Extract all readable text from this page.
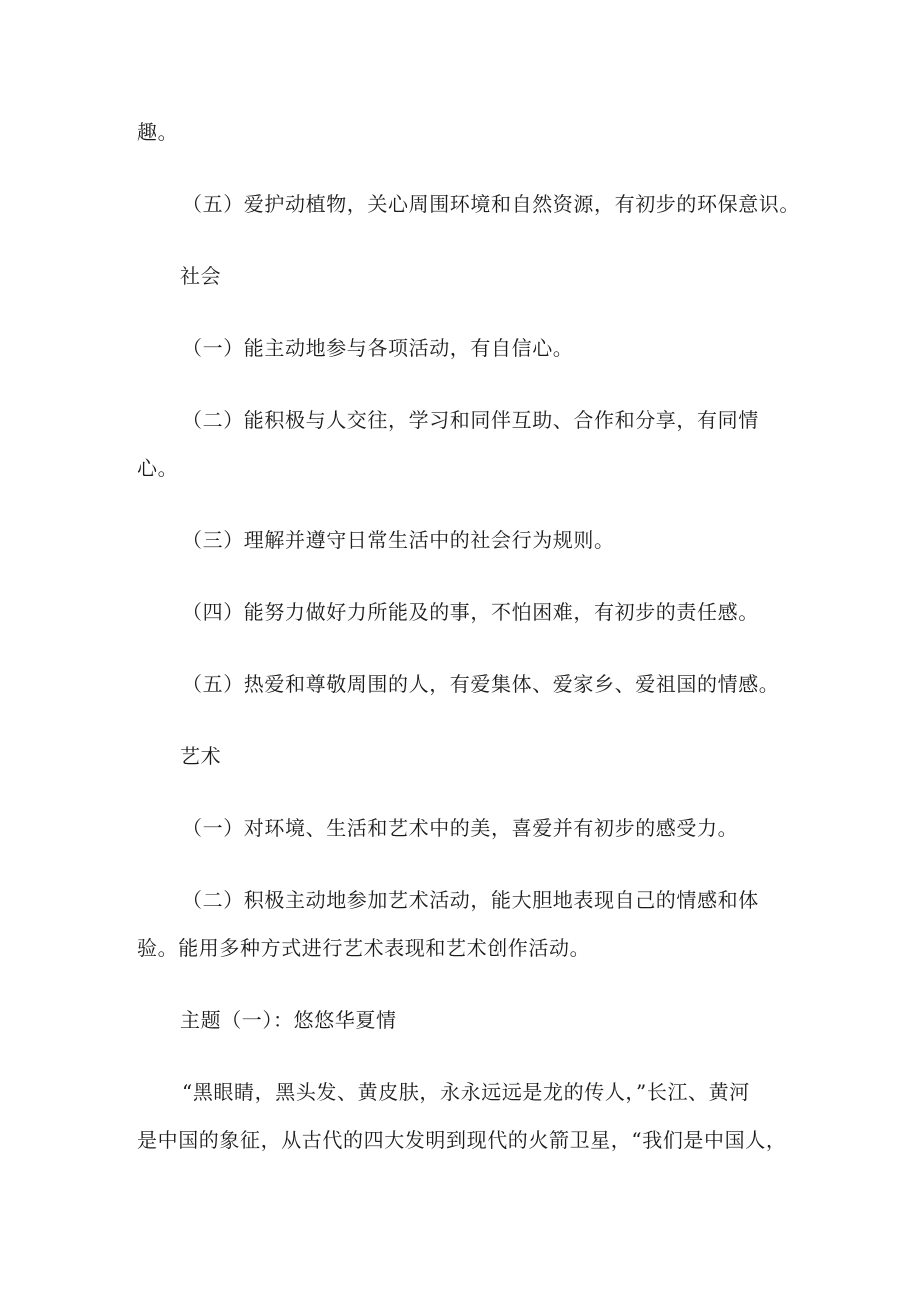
趣。
（五）爱护动植物，关心周围环境和自然资源，有初步的环保意识。
社会
（一）能主动地参与各项活动，有自信心。
（二）能积极与人交往，学习和同伴互助、合作和分享，有同情
心。
（三）理解并遵守日常生活中的社会行为规则。
（四）能努力做好力所能及的事，不怕困难，有初步的责任感。
（五）热爱和尊敬周围的人，有爱集体、爱家乡、爱祖国的情感。
艺术
（一）对环境、生活和艺术中的美，喜爱并有初步的感受力。
（二）积极主动地参加艺术活动，能大胆地表现自己的情感和体
验。能用多种方式进行艺术表现和艺术创作活动。
主题（一）：悠悠华夏情
“黑眼睛，黑头发、黄皮肤，永永远远是龙的传人，”长江、黄河
是中国的象征，从古代的四大发明到现代的火箭卫星，“我们是中国人，
